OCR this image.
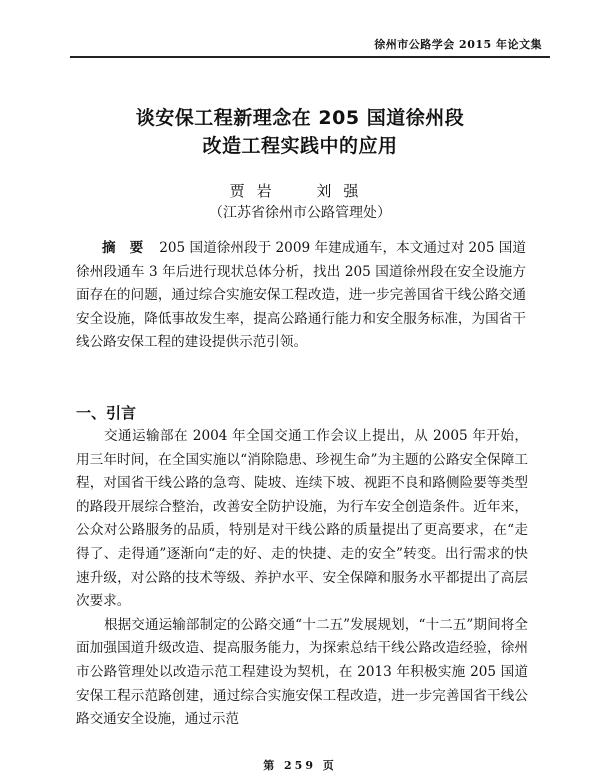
徐州市公路学会 2015 年论文集
谈安保工程新理念在 205 国道徐州段
改造工程实践中的应用
贾岩 刘强
（江苏省徐州市公路管理处）
摘要 205 国道徐州段于 2009 年建成通车，本文通过对 205 国道徐州段通车 3 年后进行现状总体分析，找出 205 国道徐州段在安全设施方面存在的问题，通过综合实施安保工程改造，进一步完善国省干线公路交通安全设施，降低事故发生率，提高公路通行能力和安全服务标准，为国省干线公路安保工程的建设提供示范引领。
一、引言

交通运输部在 2004 年全国交通工作会议上提出，从 2005 年开始，用三年时间，在全国实施以“消除隐患、珍视生命”为主题的公路安全保障工程，对国省干线公路的急弯、陡坡、连续下坡、视距不良和路侧险要等类型的路段开展综合整治，改善安全防护设施，为行车安全创造条件。近年来，公众对公路服务的品质，特别是对干线公路的质量提出了更高要求，在“走得了、走得通”逐渐向“走的好、走的快捷、走的安全”转变。出行需求的快速升级，对公路的技术等级、养护水平、安全保障和服务水平都提出了高层次要求。

根据交通运输部制定的公路交通“十二五”发展规划，“十二五”期间将全面加强国道升级改造、提高服务能力，为探索总结干线公路改造经验，徐州市公路管理处以改造示范工程建设为契机，在 2013 年积极实施 205 国道安保工程示范路创建，通过综合实施安保工程改造，进一步完善国省干线公路交通安全设施，通过示范

第 259 页
